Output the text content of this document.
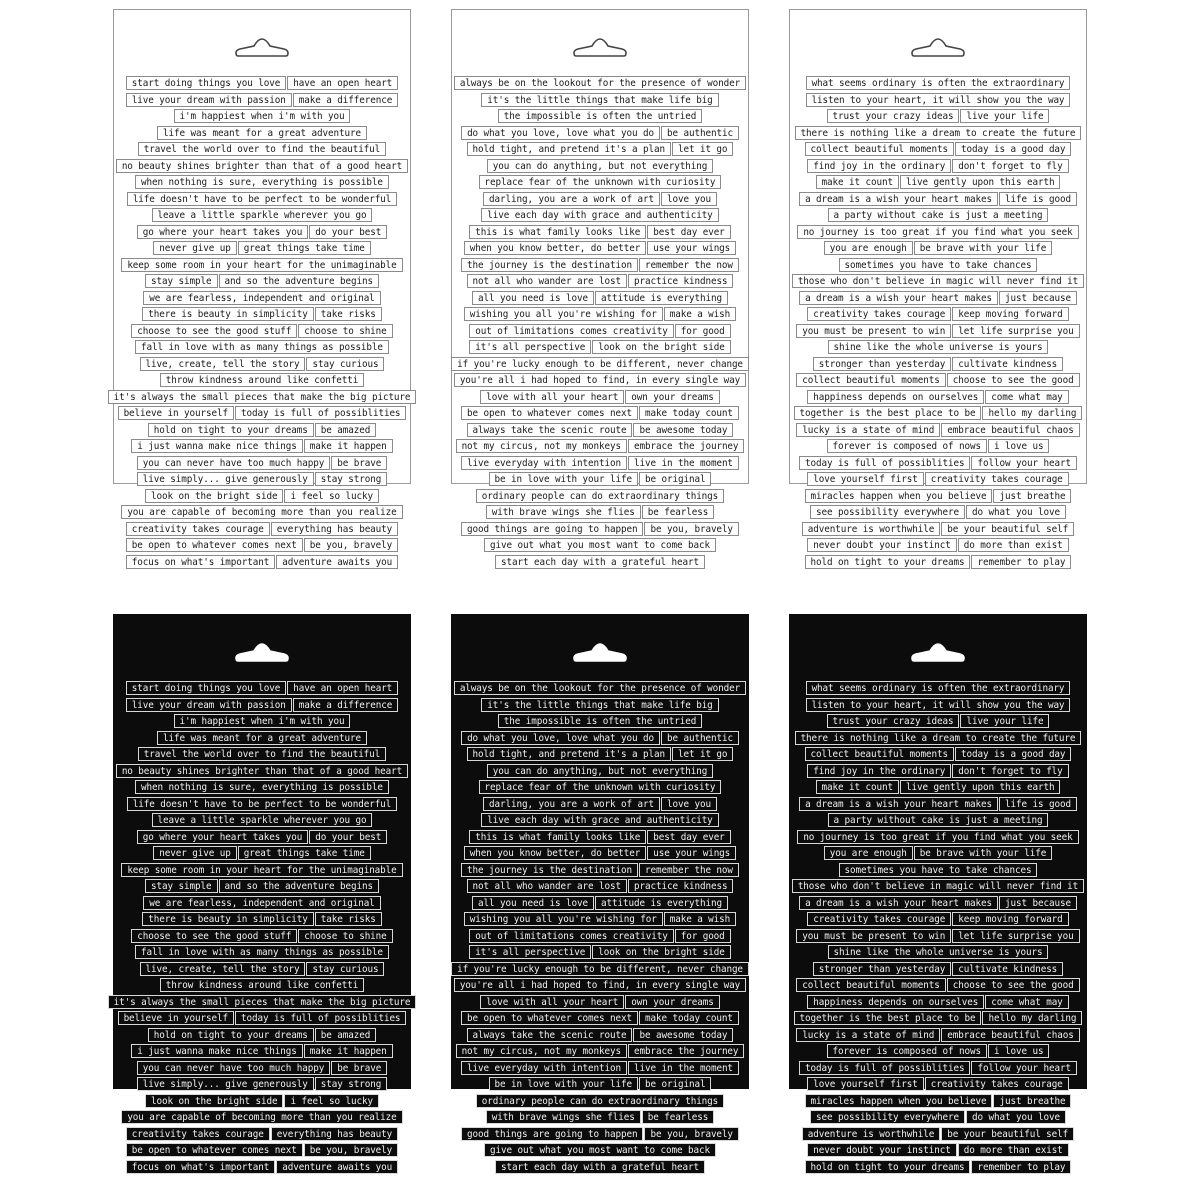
start doing things you love	have an open heart
live your dream with passion	make a difference
i'm happiest when i'm with you
life was meant for a great adventure
travel the world over to find the beautiful
no beauty shines brighter than that of a good heart
when nothing is sure, everything is possible
life doesn't have to be perfect to be wonderful
leave a little sparkle wherever you go
go where your heart takes you	do your best
never give up	great things take time
keep some room in your heart for the unimaginable
stay simple	and so the adventure begins
we are fearless, independent and original
there is beauty in simplicity	take risks
choose to see the good stuff	choose to shine
fall in love with as many things as possible
live, create, tell the story	stay curious
throw kindness around like confetti
it's always the small pieces that make the big picture
believe in yourself	today is full of possiblities
hold on tight to your dreams	be amazed
i just wanna make nice things	make it happen
you can never have too much happy	be brave
live simply... give generously	stay strong
look on the bright side	i feel so lucky
you are capable of becoming more than you realize
creativity takes courage	everything has beauty
be open to whatever comes next	be you, bravely
focus on what's important	adventure awaits you
always be on the lookout for the presence of wonder
it's the little things that make life big
the impossible is often the untried
do what you love, love what you do	be authentic
hold tight, and pretend it's a plan	let it go
you can do anything, but not everything
replace fear of the unknown with curiosity
darling, you are a work of art	love you
live each day with grace and authenticity
this is what family looks like	best day ever
when you know better, do better	use your wings
the journey is the destination	remember the now
not all who wander are lost	practice kindness
all you need is love	attitude is everything
wishing you all you're wishing for	make a wish
out of limitations comes creativity	for good
it's all perspective	look on the bright side
if you're lucky enough to be different, never change
you're all i had hoped to find, in every single way
love with all your heart	own your dreams
be open to whatever comes next	make today count
always take the scenic route	be awesome today
not my circus, not my monkeys	embrace the journey
live everyday with intention	live in the moment
be in love with your life	be original
ordinary people can do extraordinary things
with brave wings she flies	be fearless
good things are going to happen	be you, bravely
give out what you most want to come back
start each day with a grateful heart
what seems ordinary is often the extraordinary
listen to your heart, it will show you the way
trust your crazy ideas	live your life
there is nothing like a dream to create the future
collect beautiful moments	today is a good day
find joy in the ordinary	don't forget to fly
make it count	live gently upon this earth
a dream is a wish your heart makes	life is good
a party without cake is just a meeting
no journey is too great if you find what you seek
you are enough	be brave with your life
sometimes you have to take chances
those who don't believe in magic will never find it
a dream is a wish your heart makes	just because
creativity takes courage	keep moving forward
you must be present to win	let life surprise you
shine like the whole universe is yours
stronger than yesterday	cultivate kindness
collect beautiful moments	choose to see the good
happiness depends on ourselves	come what may
together is the best place to be	hello my darling
lucky is a state of mind	embrace beautiful chaos
forever is composed of nows	i love us
today is full of possiblities	follow your heart
love yourself first	creativity takes courage
miracles happen when you believe	just breathe
see possibility everywhere	do what you love
adventure is worthwhile	be your beautiful self
never doubt your instinct	do more than exist
hold on tight to your dreams	remember to play
start doing things you love	have an open heart
live your dream with passion	make a difference
i'm happiest when i'm with you
life was meant for a great adventure
travel the world over to find the beautiful
no beauty shines brighter than that of a good heart
when nothing is sure, everything is possible
life doesn't have to be perfect to be wonderful
leave a little sparkle wherever you go
go where your heart takes you	do your best
never give up	great things take time
keep some room in your heart for the unimaginable
stay simple	and so the adventure begins
we are fearless, independent and original
there is beauty in simplicity	take risks
choose to see the good stuff	choose to shine
fall in love with as many things as possible
live, create, tell the story	stay curious
throw kindness around like confetti
it's always the small pieces that make the big picture
believe in yourself	today is full of possiblities
hold on tight to your dreams	be amazed
i just wanna make nice things	make it happen
you can never have too much happy	be brave
live simply... give generously	stay strong
look on the bright side	i feel so lucky
you are capable of becoming more than you realize
creativity takes courage	everything has beauty
be open to whatever comes next	be you, bravely
focus on what's important	adventure awaits you
always be on the lookout for the presence of wonder
it's the little things that make life big
the impossible is often the untried
do what you love, love what you do	be authentic
hold tight, and pretend it's a plan	let it go
you can do anything, but not everything
replace fear of the unknown with curiosity
darling, you are a work of art	love you
live each day with grace and authenticity
this is what family looks like	best day ever
when you know better, do better	use your wings
the journey is the destination	remember the now
not all who wander are lost	practice kindness
all you need is love	attitude is everything
wishing you all you're wishing for	make a wish
out of limitations comes creativity	for good
it's all perspective	look on the bright side
if you're lucky enough to be different, never change
you're all i had hoped to find, in every single way
love with all your heart	own your dreams
be open to whatever comes next	make today count
always take the scenic route	be awesome today
not my circus, not my monkeys	embrace the journey
live everyday with intention	live in the moment
be in love with your life	be original
ordinary people can do extraordinary things
with brave wings she flies	be fearless
good things are going to happen	be you, bravely
give out what you most want to come back
start each day with a grateful heart
what seems ordinary is often the extraordinary
listen to your heart, it will show you the way
trust your crazy ideas	live your life
there is nothing like a dream to create the future
collect beautiful moments	today is a good day
find joy in the ordinary	don't forget to fly
make it count	live gently upon this earth
a dream is a wish your heart makes	life is good
a party without cake is just a meeting
no journey is too great if you find what you seek
you are enough	be brave with your life
sometimes you have to take chances
those who don't believe in magic will never find it
a dream is a wish your heart makes	just because
creativity takes courage	keep moving forward
you must be present to win	let life surprise you
shine like the whole universe is yours
stronger than yesterday	cultivate kindness
collect beautiful moments	choose to see the good
happiness depends on ourselves	come what may
together is the best place to be	hello my darling
lucky is a state of mind	embrace beautiful chaos
forever is composed of nows	i love us
today is full of possiblities	follow your heart
love yourself first	creativity takes courage
miracles happen when you believe	just breathe
see possibility everywhere	do what you love
adventure is worthwhile	be your beautiful self
never doubt your instinct	do more than exist
hold on tight to your dreams	remember to play
